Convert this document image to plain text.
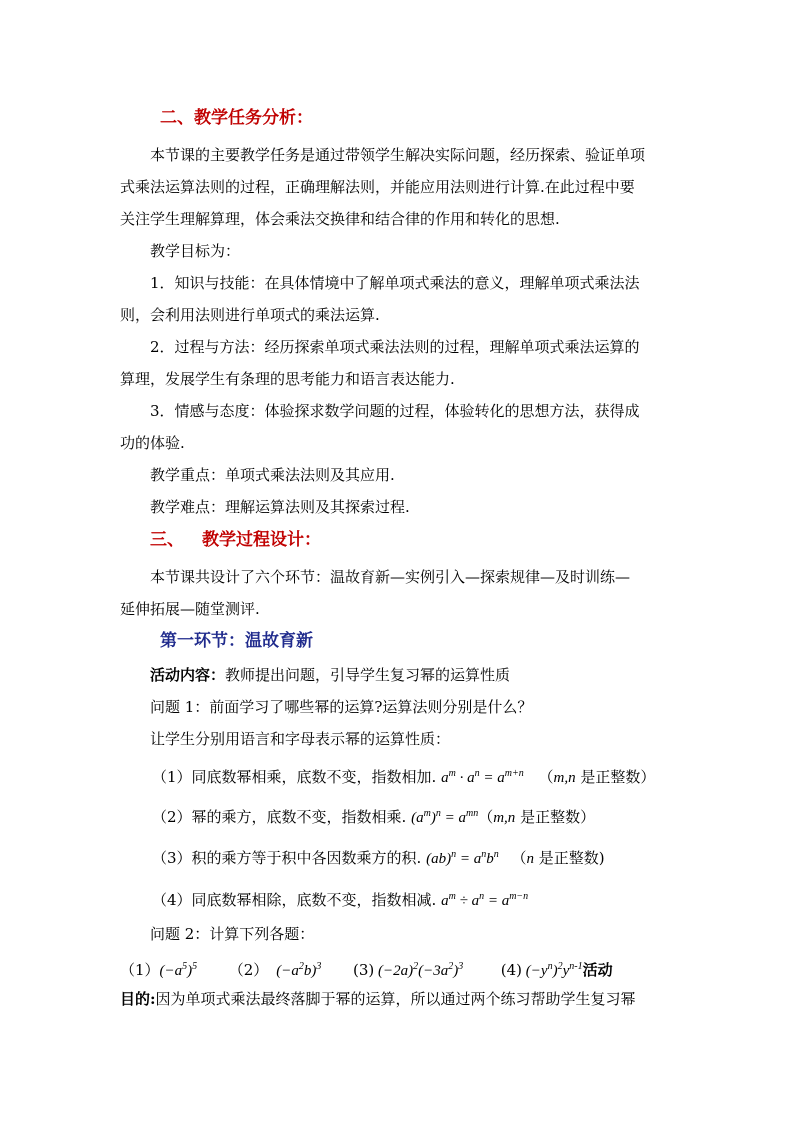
二、教学任务分析：
本节课的主要教学任务是通过带领学生解决实际问题，经历探索、验证单项
式乘法运算法则的过程，正确理解法则，并能应用法则进行计算.在此过程中要
关注学生理解算理，体会乘法交换律和结合律的作用和转化的思想.
教学目标为：
1．知识与技能：在具体情境中了解单项式乘法的意义，理解单项式乘法法
则，会利用法则进行单项式的乘法运算.
2．过程与方法：经历探索单项式乘法法则的过程，理解单项式乘法运算的
算理，发展学生有条理的思考能力和语言表达能力.
3．情感与态度：体验探求数学问题的过程，体验转化的思想方法，获得成
功的体验.
教学重点：单项式乘法法则及其应用.
教学难点：理解运算法则及其探索过程.
三、 教学过程设计：
本节课共设计了六个环节：温故育新—实例引入—探索规律—及时训练—
延伸拓展—随堂测评.
第一环节：温故育新
活动内容：教师提出问题，引导学生复习幂的运算性质
问题 1：前面学习了哪些幂的运算?运算法则分别是什么？
让学生分别用语言和字母表示幂的运算性质：
（1）同底数幂相乘，底数不变，指数相加. $a^m \cdot a^n = a^{m+n}$ （m,n 是正整数）
（2）幂的乘方，底数不变，指数相乘. $(a^m)^n = a^{mn}(m,n$ 是正整数）
（3）积的乘方等于积中各因数乘方的积. $(ab)^n = a^nb^n$ （n 是正整数)
（4）同底数幂相除，底数不变，指数相减. $a^m \div a^n = a^{m-n}$
问题 2：计算下列各题：
$(1)(-a^5)^5$ （2） $(-a^2b)^3$ (3) $(-2a)^2(-3a^2)^3$	(4) $(-y^n)^2y^{n-1}$活动
目的:因为单项式乘法最终落脚于幂的运算，所以通过两个练习帮助学生复习幂
